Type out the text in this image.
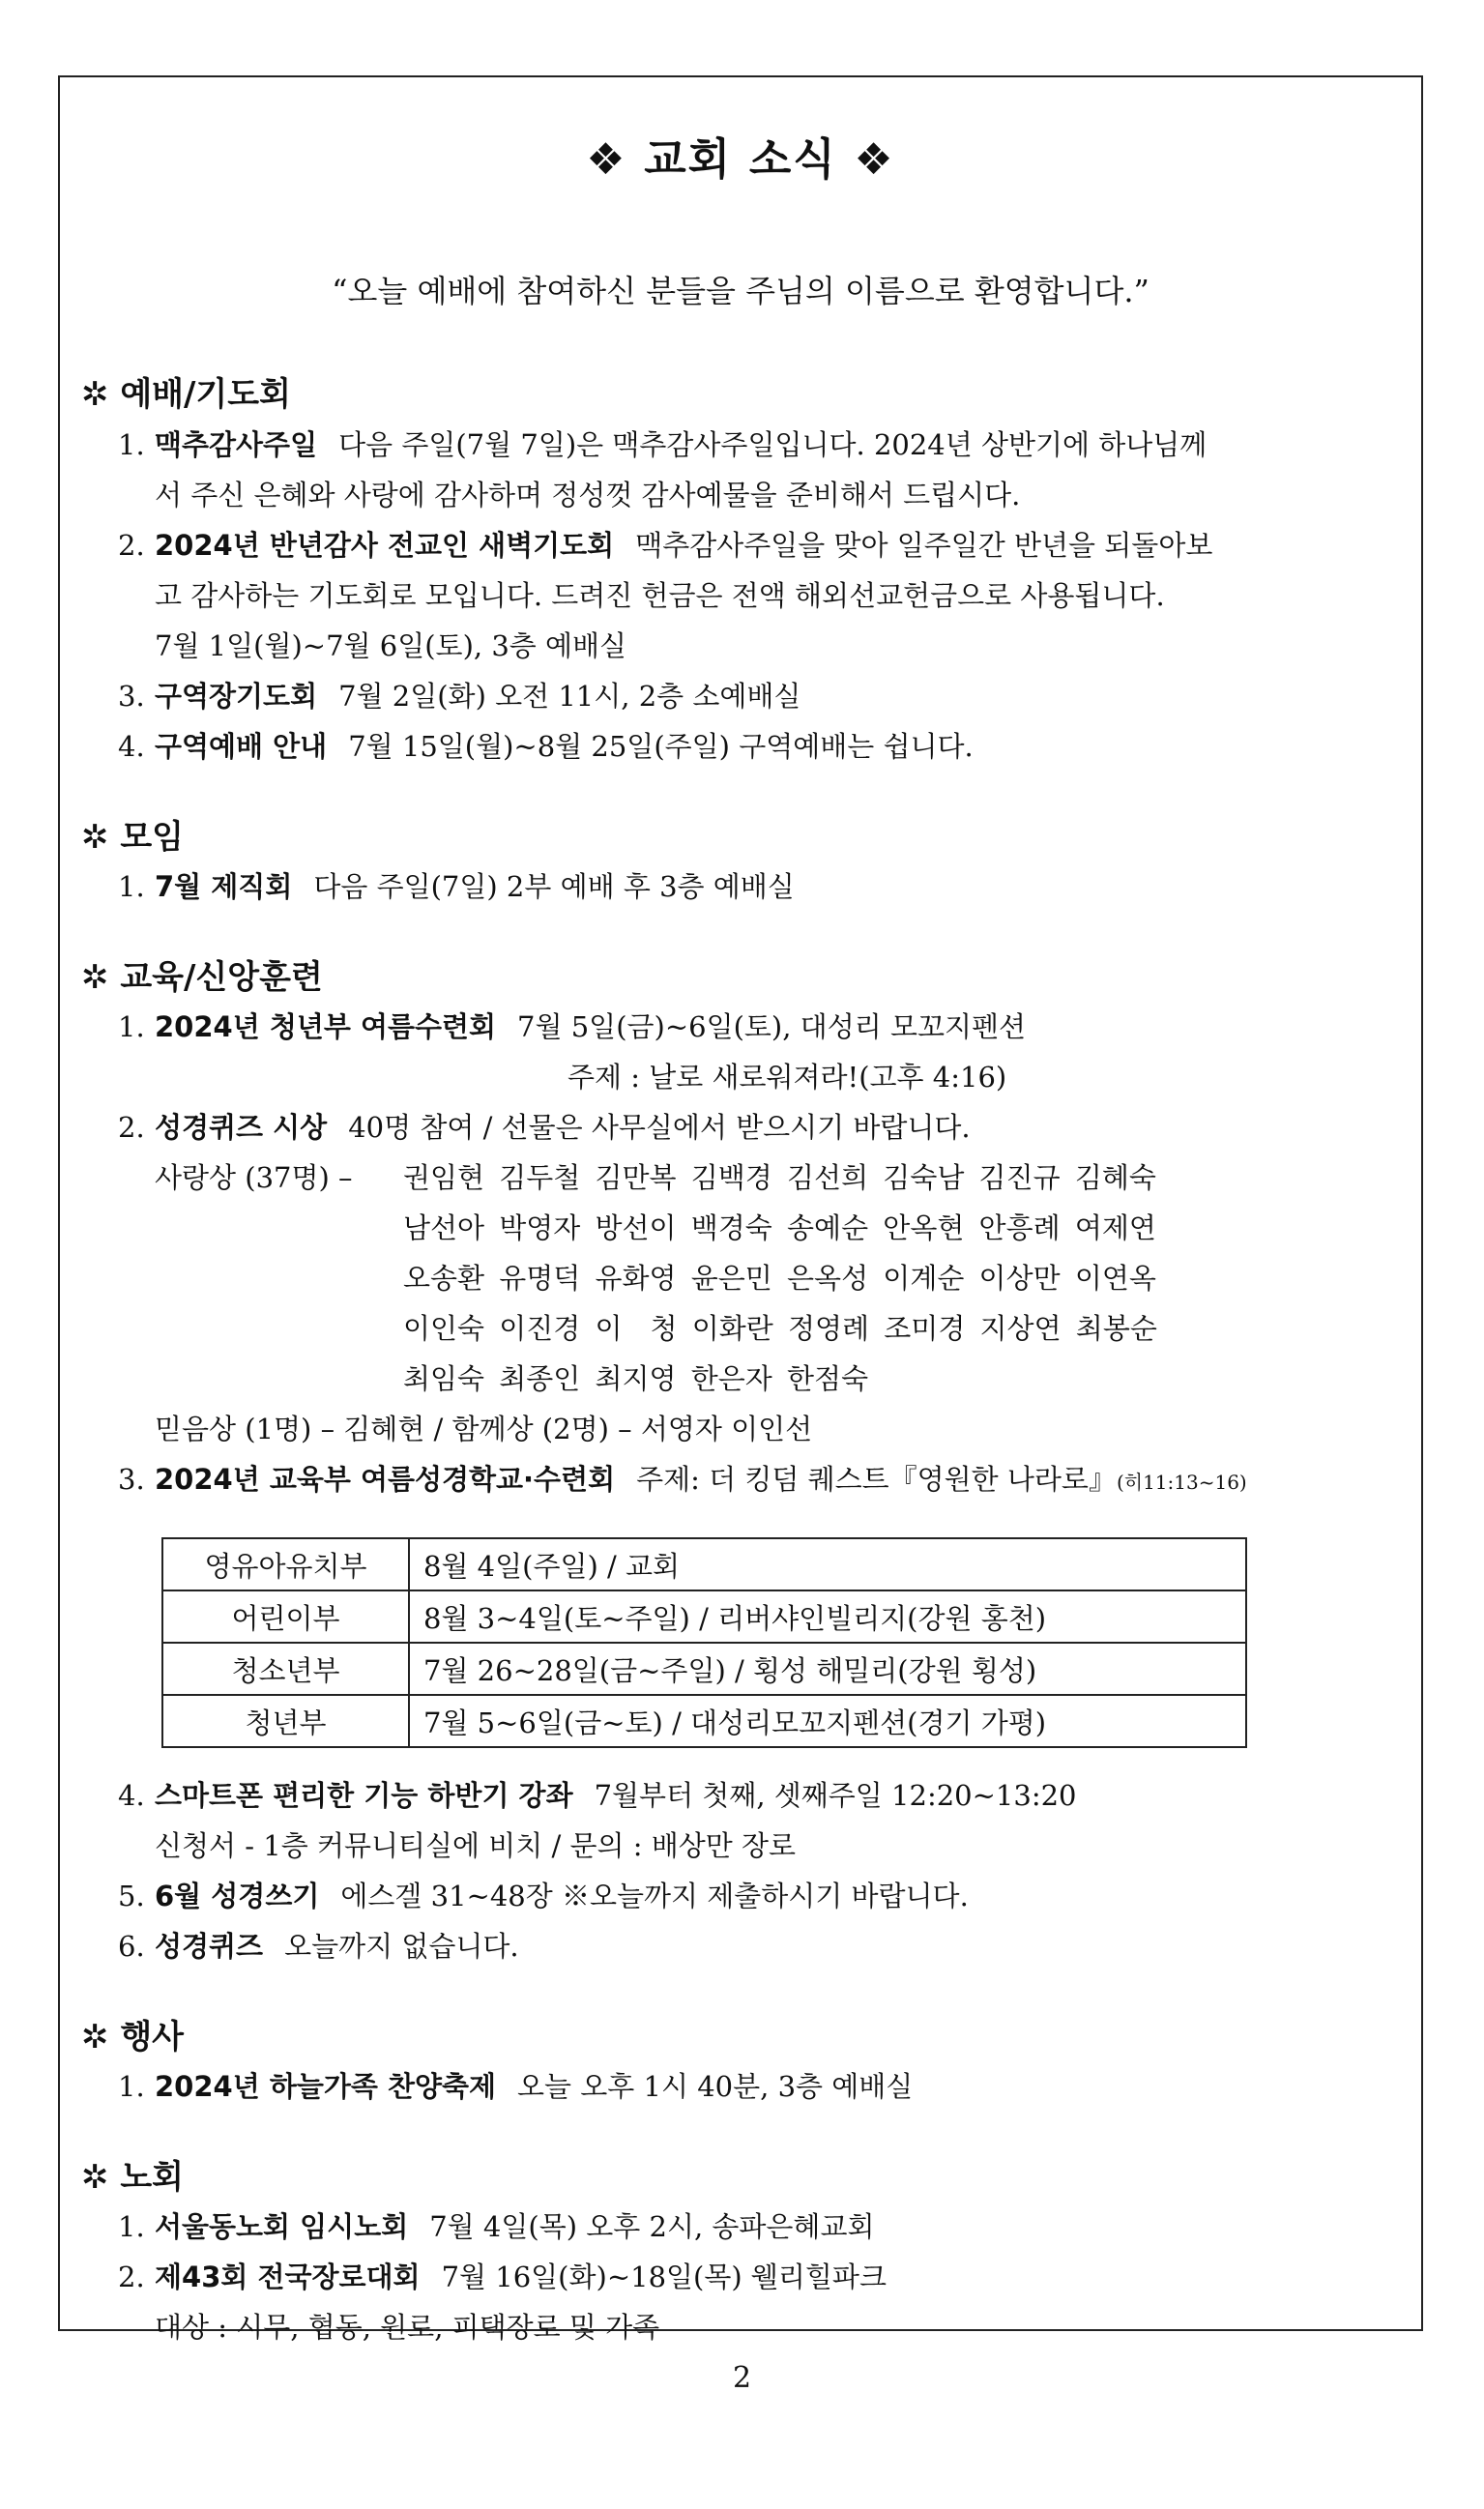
❖ 교회 소식 ❖
“오늘 예배에 참여하신 분들을 주님의 이름으로 환영합니다.”
✲ 예배/기도회
1. 맥추감사주일 다음 주일(7월 7일)은 맥추감사주일입니다. 2024년 상반기에 하나님께
서 주신 은혜와 사랑에 감사하며 정성껏 감사예물을 준비해서 드립시다.
2. 2024년 반년감사 전교인 새벽기도회 맥추감사주일을 맞아 일주일간 반년을 되돌아보
고 감사하는 기도회로 모입니다. 드려진 헌금은 전액 해외선교헌금으로 사용됩니다.
7월 1일(월)~7월 6일(토), 3층 예배실
3. 구역장기도회 7월 2일(화) 오전 11시, 2층 소예배실
4. 구역예배 안내 7월 15일(월)~8월 25일(주일) 구역예배는 쉽니다.
✲ 모임
1. 7월 제직회 다음 주일(7일) 2부 예배 후 3층 예배실
✲ 교육/신앙훈련
1. 2024년 청년부 여름수련회 7월 5일(금)~6일(토), 대성리 모꼬지펜션
주제 : 날로 새로워져라!(고후 4:16)
2. 성경퀴즈 시상 40명 참여 / 선물은 사무실에서 받으시기 바랍니다.
사랑상 (37명) – 권임현 김두철 김만복 김백경 김선희 김숙남 김진규 김혜숙
남선아 박영자 방선이 백경숙 송예순 안옥현 안흥례 여제연
오송환 유명덕 유화영 윤은민 은옥성 이계순 이상만 이연옥
이인숙 이진경 이　청 이화란 정영례 조미경 지상연 최봉순
최임숙 최종인 최지영 한은자 한점숙
믿음상 (1명) – 김혜현 / 함께상 (2명) – 서영자 이인선
3. 2024년 교육부 여름성경학교·수련회 주제: 더 킹덤 퀘스트『영원한 나라로』(히11:13~16)
영유아유치부	8월 4일(주일) / 교회
어린이부	8월 3~4일(토~주일) / 리버샤인빌리지(강원 홍천)
청소년부	7월 26~28일(금~주일) / 횡성 해밀리(강원 횡성)
청년부	7월 5~6일(금~토) / 대성리모꼬지펜션(경기 가평)
4. 스마트폰 편리한 기능 하반기 강좌 7월부터 첫째, 셋째주일 12:20~13:20
신청서 - 1층 커뮤니티실에 비치 / 문의 : 배상만 장로
5. 6월 성경쓰기 에스겔 31~48장 ※오늘까지 제출하시기 바랍니다.
6. 성경퀴즈 오늘까지 없습니다.
✲ 행사
1. 2024년 하늘가족 찬양축제 오늘 오후 1시 40분, 3층 예배실
✲ 노회
1. 서울동노회 임시노회 7월 4일(목) 오후 2시, 송파은혜교회
2. 제43회 전국장로대회 7월 16일(화)~18일(목) 웰리힐파크
대상 : 시무, 협동, 원로, 피택장로 및 가족
2
